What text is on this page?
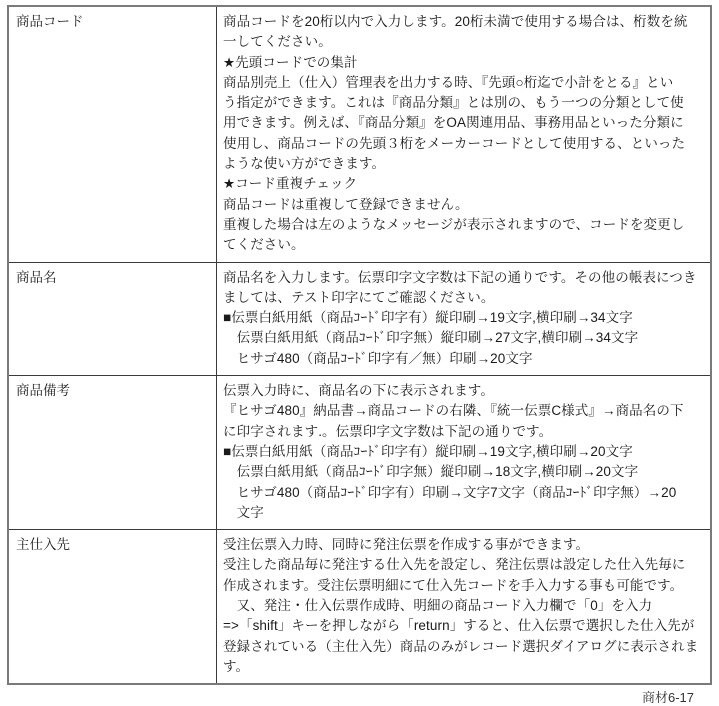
商品コード	商品コードを20桁以内で入力します。20桁未満で使用する場合は、桁数を統
一してください。
★先頭コードでの集計
商品別売上（仕入）管理表を出力する時、『先頭○桁迄で小計をとる』とい
う指定ができます。これは『商品分類』とは別の、もう一つの分類として使
用できます。例えば、『商品分類』をOA関連用品、事務用品といった分類に
使用し、商品コードの先頭３桁をメーカーコードとして使用する、といった
ような使い方ができます。
★コード重複チェック
商品コードは重複して登録できません。
重複した場合は左のようなメッセージが表示されますので、コードを変更し
てください。
商品名	商品名を入力します。伝票印字文字数は下記の通りです。その他の帳表につき
ましては、テスト印字にてご確認ください。
■伝票白紙用紙（商品ｺｰﾄﾞ印字有）縦印刷→19文字,横印刷→34文字
　伝票白紙用紙（商品ｺｰﾄﾞ印字無）縦印刷→27文字,横印刷→34文字
　ヒサゴ480（商品ｺｰﾄﾞ印字有／無）印刷→20文字
商品備考	伝票入力時に、商品名の下に表示されます。
『ヒサゴ480』納品書→商品コードの右隣、『統一伝票C様式』→商品名の下
に印字されます.。伝票印字文字数は下記の通りです。
■伝票白紙用紙（商品ｺｰﾄﾞ印字有）縦印刷→19文字,横印刷→20文字
　伝票白紙用紙（商品ｺｰﾄﾞ印字無）縦印刷→18文字,横印刷→20文字
　ヒサゴ480（商品ｺｰﾄﾞ印字有）印刷→文字7文字（商品ｺｰﾄﾞ印字無）→20
　文字
主仕入先	受注伝票入力時、同時に発注伝票を作成する事ができます。
受注した商品毎に発注する仕入先を設定し、発注伝票は設定した仕入先毎に
作成されます。受注伝票明細にて仕入先コードを手入力する事も可能です。
　又、発注・仕入伝票作成時、明細の商品コード入力欄で「0」を入力
=>「shift」キーを押しながら「return」すると、仕入伝票で選択した仕入先が
登録されている（主仕入先）商品のみがレコード選択ダイアログに表示されま
す。
商材6-17
